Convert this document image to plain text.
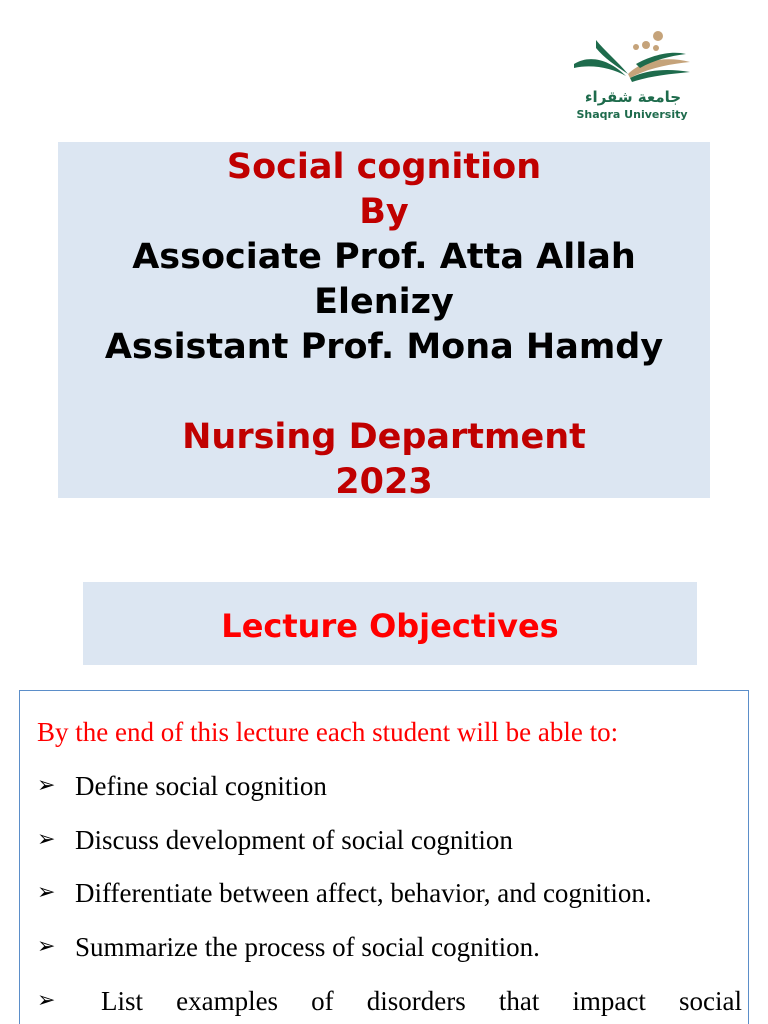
جامعة شقراء
Shaqra University
Social cognition
By
Associate Prof. Atta Allah
Elenizy
Assistant Prof. Mona Hamdy
Nursing Department
2023
Lecture Objectives
By the end of this lecture each student will be able to:
➢ Define social cognition
➢ Discuss development of social cognition
➢ Differentiate between affect, behavior, and cognition.
➢ Summarize the process of social cognition.
➢ List examples of disorders that impact social
